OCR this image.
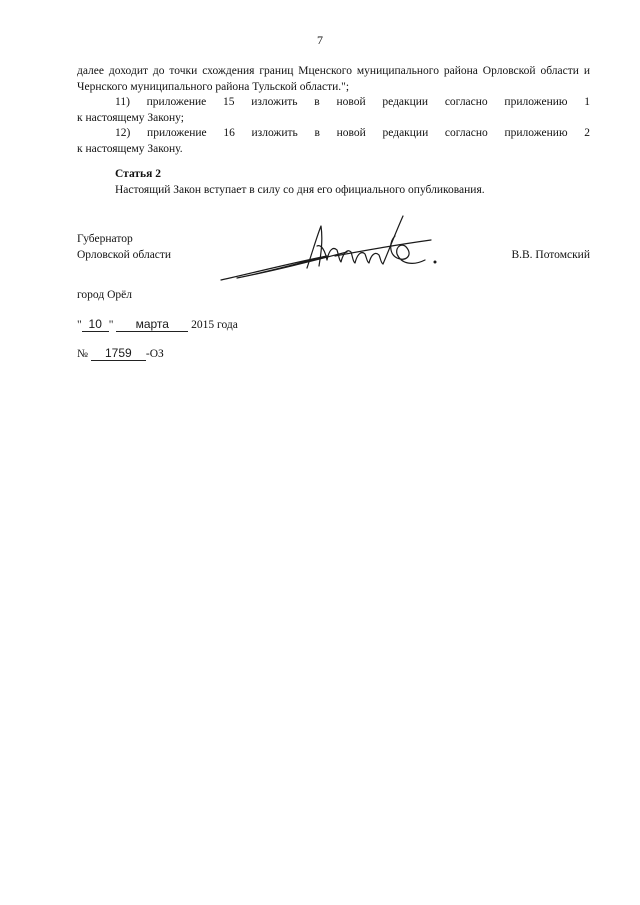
7

далее доходит до точки схождения границ Мценского муниципального района Орловской области и Чернского муниципального района Тульской области.";

11) приложение 15 изложить в новой редакции согласно приложению 1

к настоящему Закону;

12) приложение 16 изложить в новой редакции согласно приложению 2

к настоящему Закону.

Статья 2

Настоящий Закон вступает в силу со дня его официального опубликования.

Губернатор
Орловской области	В.В. Потомский
город Орёл
" 10 " марта 2015 года
№ 1759 -ОЗ
